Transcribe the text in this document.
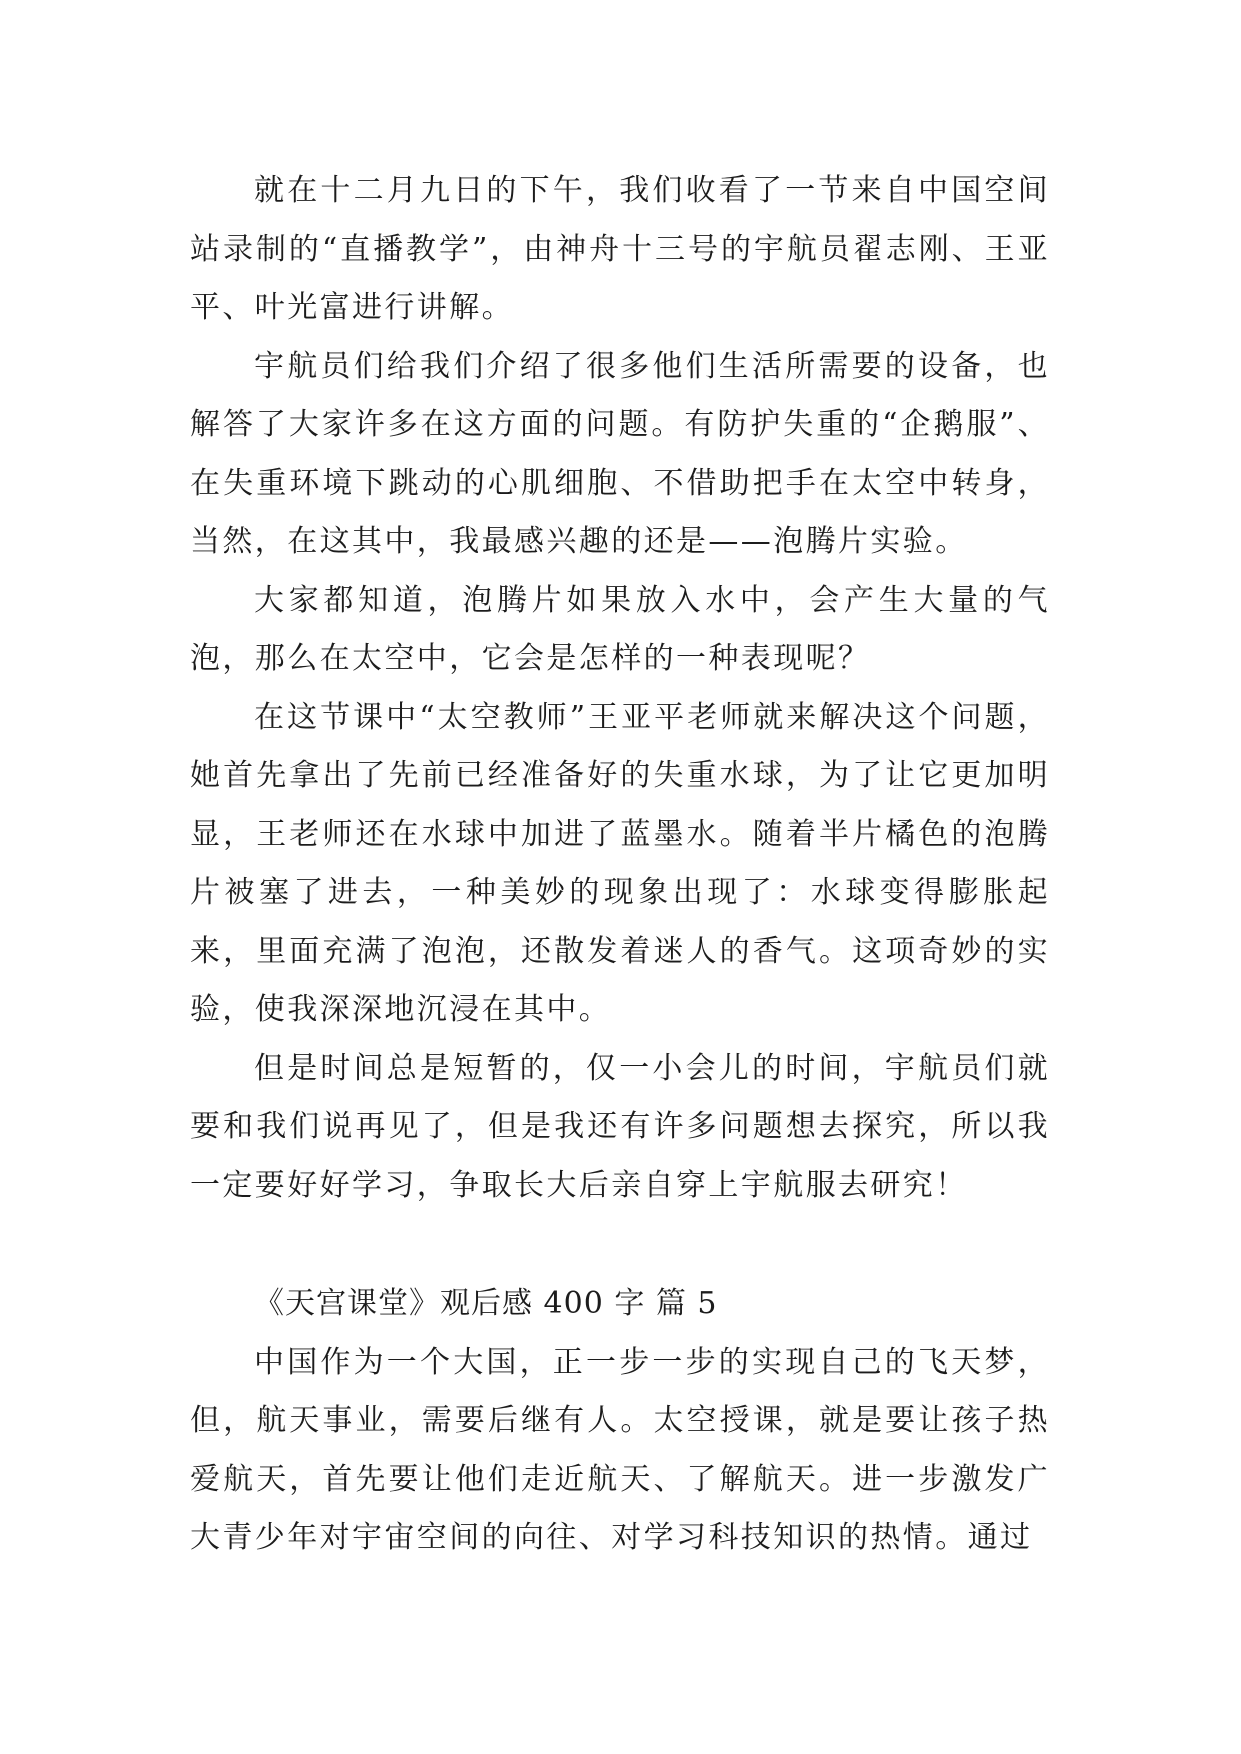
就在十二月九日的下午，我们收看了一节来自中国空间站录制的“直播教学”，由神舟十三号的宇航员翟志刚、王亚平、叶光富进行讲解。

宇航员们给我们介绍了很多他们生活所需要的设备，也解答了大家许多在这方面的问题。有防护失重的“企鹅服”、在失重环境下跳动的心肌细胞、不借助把手在太空中转身，当然，在这其中，我最感兴趣的还是——泡腾片实验。

大家都知道，泡腾片如果放入水中，会产生大量的气泡，那么在太空中，它会是怎样的一种表现呢？

在这节课中“太空教师”王亚平老师就来解决这个问题，她首先拿出了先前已经准备好的失重水球，为了让它更加明显，王老师还在水球中加进了蓝墨水。随着半片橘色的泡腾片被塞了进去，一种美妙的现象出现了：水球变得膨胀起来，里面充满了泡泡，还散发着迷人的香气。这项奇妙的实验，使我深深地沉浸在其中。

但是时间总是短暂的，仅一小会儿的时间，宇航员们就要和我们说再见了，但是我还有许多问题想去探究，所以我一定要好好学习，争取长大后亲自穿上宇航服去研究！

《天宫课堂》观后感 400 字 篇 5

中国作为一个大国，正一步一步的实现自己的飞天梦，但，航天事业，需要后继有人。太空授课，就是要让孩子热爱航天，首先要让他们走近航天、了解航天。进一步激发广大青少年对宇宙空间的向往、对学习科技知识的热情。通过
